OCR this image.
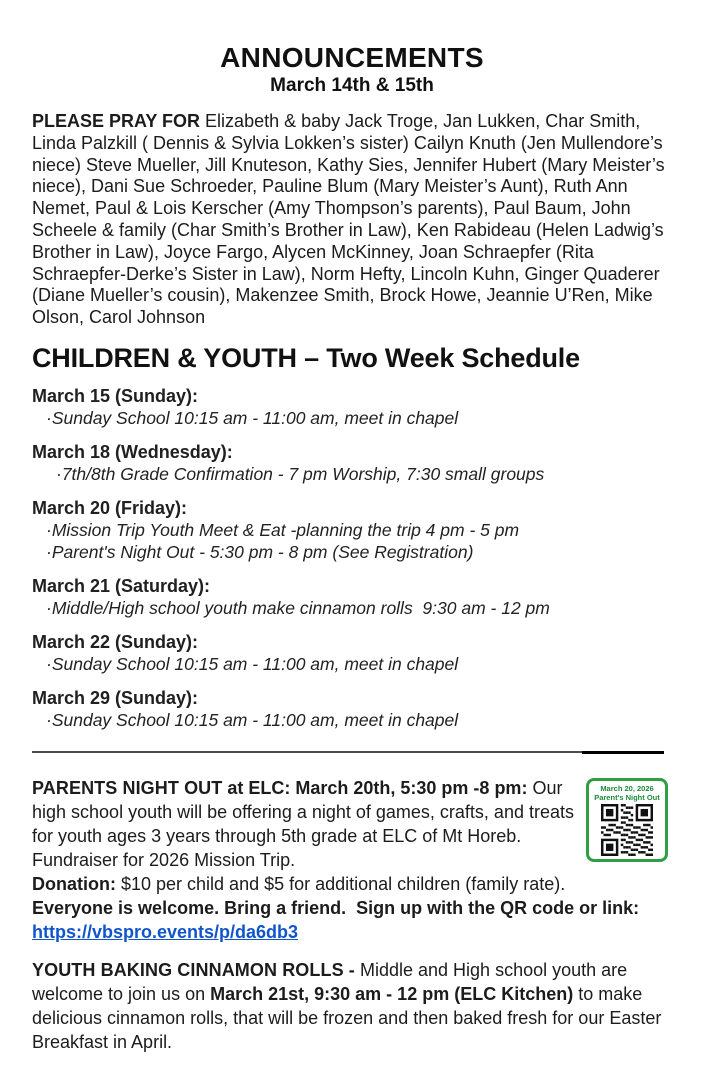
ANNOUNCEMENTS
March 14th & 15th

PLEASE PRAY FOR Elizabeth & baby Jack Troge, Jan Lukken, Char Smith, Linda Palzkill ( Dennis & Sylvia Lokken’s sister) Cailyn Knuth (Jen Mullendore’s niece) Steve Mueller, Jill Knuteson, Kathy Sies, Jennifer Hubert (Mary Meister’s niece), Dani Sue Schroeder, Pauline Blum (Mary Meister’s Aunt), Ruth Ann Nemet, Paul & Lois Kerscher (Amy Thompson’s parents), Paul Baum, John Scheele & family (Char Smith’s Brother in Law), Ken Rabideau (Helen Ladwig’s Brother in Law), Joyce Fargo, Alycen McKinney, Joan Schraepfer (Rita Schraepfer-Derke’s Sister in Law), Norm Hefty, Lincoln Kuhn, Ginger Quaderer (Diane Mueller’s cousin), Makenzee Smith, Brock Howe, Jeannie U’Ren, Mike Olson, Carol Johnson

CHILDREN & YOUTH – Two Week Schedule
March 15 (Sunday):
·Sunday School 10:15 am - 11:00 am, meet in chapel
March 18 (Wednesday):
·7th/8th Grade Confirmation - 7 pm Worship, 7:30 small groups
March 20 (Friday):
·Mission Trip Youth Meet & Eat -planning the trip 4 pm - 5 pm
·Parent's Night Out - 5:30 pm - 8 pm (See Registration)
March 21 (Saturday):
·Middle/High school youth make cinnamon rolls  9:30 am - 12 pm
March 22 (Sunday):
·Sunday School 10:15 am - 11:00 am, meet in chapel
March 29 (Sunday):
·Sunday School 10:15 am - 11:00 am, meet in chapel
March 20, 2026
Parent's Night Out

PARENTS NIGHT OUT at ELC: March 20th, 5:30 pm -8 pm: Our high school youth will be offering a night of games, crafts, and treats for youth ages 3 years through 5th grade at ELC of Mt Horeb. Fundraiser for 2026 Mission Trip.

Donation: $10 per child and $5 for additional children (family rate).

Everyone is welcome. Bring a friend.  Sign up with the QR code or link:

https://vbspro.events/p/da6db3

YOUTH BAKING CINNAMON ROLLS - Middle and High school youth are welcome to join us on March 21st, 9:30 am - 12 pm (ELC Kitchen) to make delicious cinnamon rolls, that will be frozen and then baked fresh for our Easter Breakfast in April.
